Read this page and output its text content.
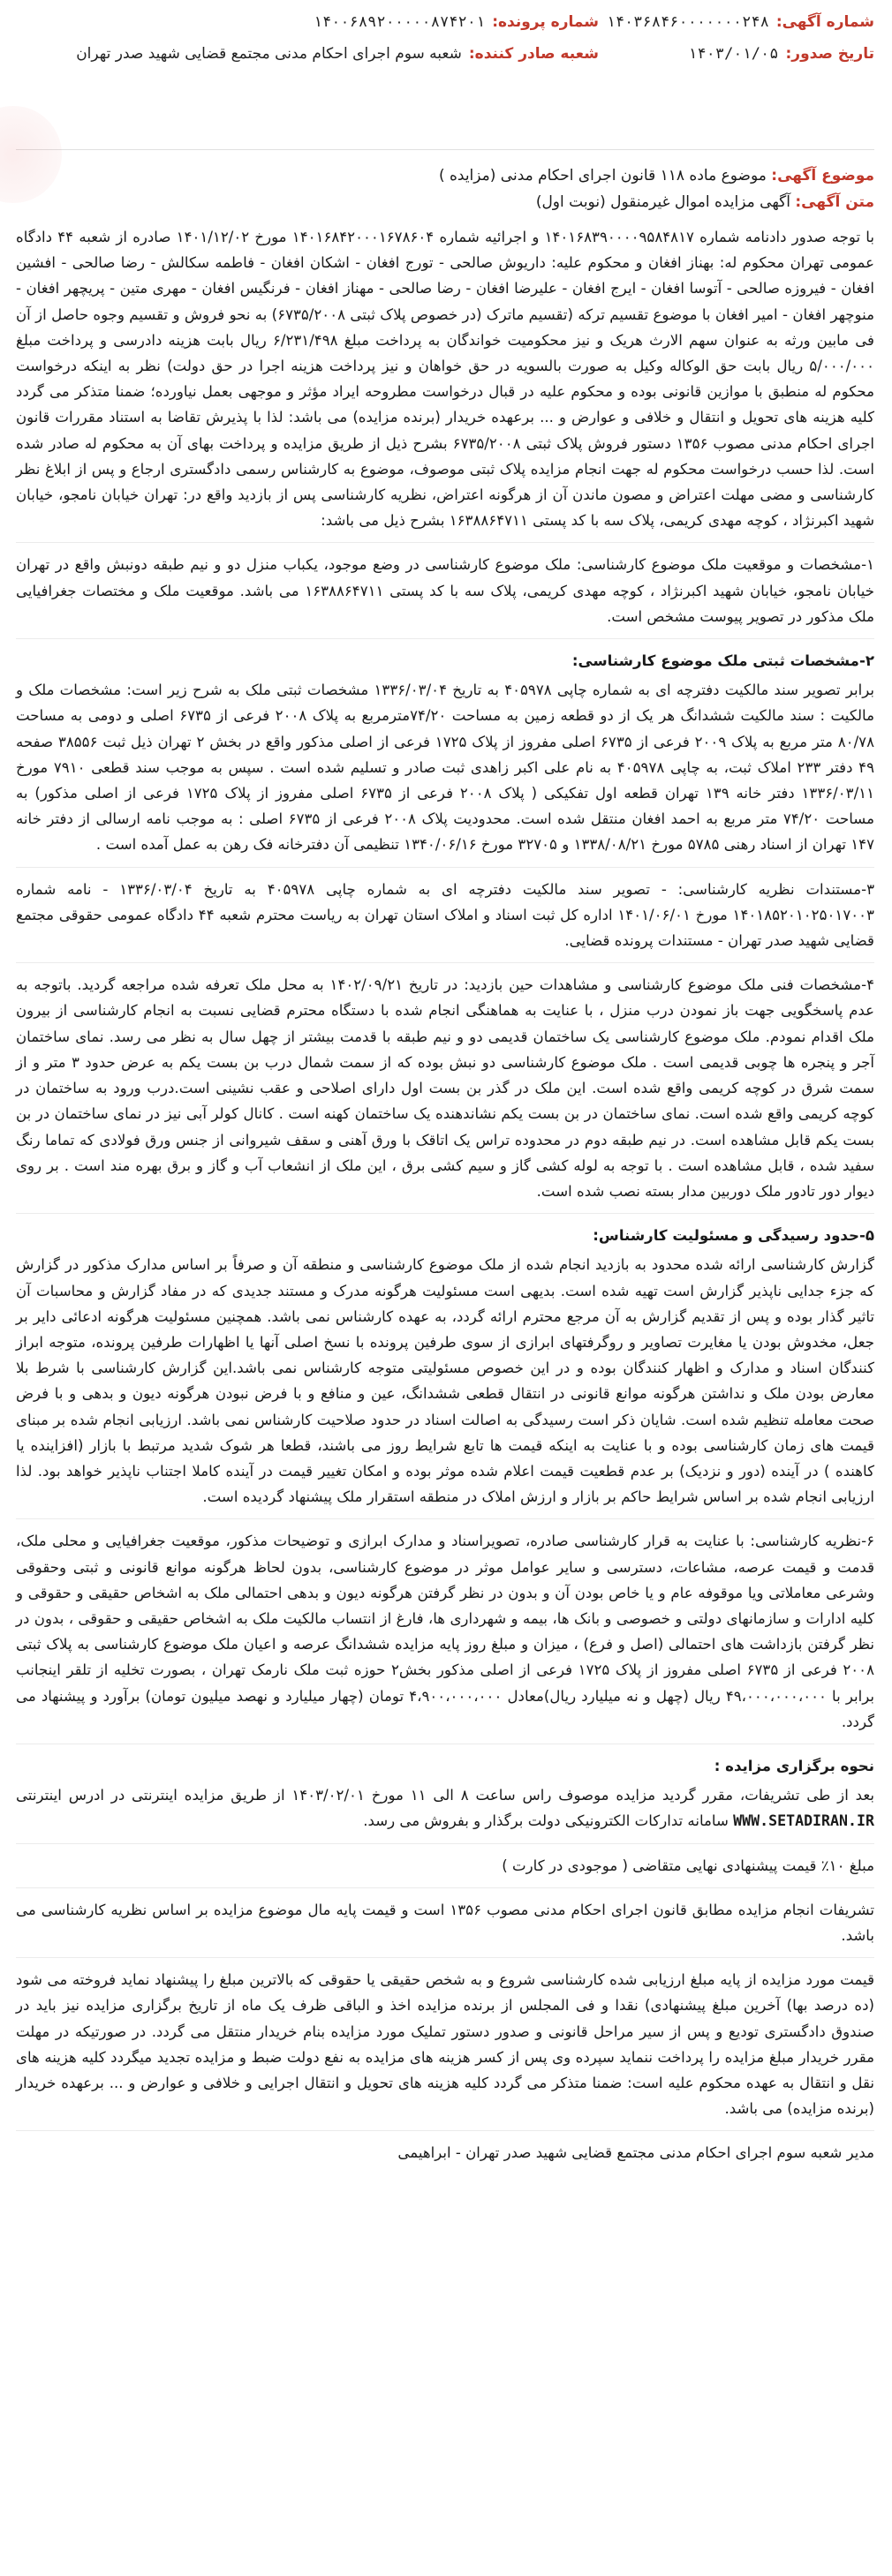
شماره آگهی:
۱۴۰۳۶۸۴۶۰۰۰۰۰۰۰۲۴۸
تاریخ صدور:
۱۴۰۳/۰۱/۰۵
شماره پرونده:
۱۴۰۰۶۸۹۲۰۰۰۰۰۸۷۴۲۰۱
شعبه صادر کننده:
شعبه سوم اجرای احکام مدنی مجتمع قضایی شهید صدر تهران
موضوع آگهی: موضوع ماده ۱۱۸ قانون اجرای احکام مدنی (مزایده )
متن آگهی: آگهی مزایده اموال غیرمنقول (نوبت اول)

با توجه صدور دادنامه شماره ۱۴۰۱۶۸۳۹۰۰۰۰۹۵۸۴۸۱۷ و اجرائیه شماره ۱۴۰۱۶۸۴۲۰۰۰۱۶۷۸۶۰۴ مورخ ۱۴۰۱/۱۲/۰۲ صادره از شعبه ۴۴ دادگاه عمومی تهران محکوم له: بهناز افغان و محکوم علیه: داریوش صالحی - تورج افغان - اشکان افغان - فاطمه سکالش - رضا صالحی - افشین افغان - فیروزه صالحی - آتوسا افغان - ایرج افغان - علیرضا افغان - رضا صالحی - مهناز افغان - فرنگیس افغان - مهری متین - پریچهر افغان - منوچهر افغان - امیر افغان با موضوع تقسیم ترکه (تقسیم ماترک (در خصوص پلاک ثبتی ۶۷۳۵/۲۰۰۸) به نحو فروش و تقسیم وجوه حاصل از آن فی مابین ورثه به عنوان سهم الارث هریک و نیز محکومیت خواندگان به پرداخت مبلغ ۶/۲۳۱/۴۹۸ ریال بابت هزینه دادرسی و پرداخت مبلغ ۵/۰۰۰/۰۰۰ ریال بابت حق الوکاله وکیل به صورت بالسویه در حق خواهان و نیز پرداخت هزینه اجرا در حق دولت) نظر به اینکه درخواست محکوم له منطبق با موازین قانونی بوده و محکوم علیه در قبال درخواست مطروحه ایراد مؤثر و موجهی بعمل نیاورده؛ ضمنا متذکر می گردد کلیه هزینه های تحویل و انتقال و خلافی و عوارض و ... برعهده خریدار (برنده مزایده) می باشد: لذا با پذیرش تقاضا به استناد مقررات قانون اجرای احکام مدنی مصوب ۱۳۵۶ دستور فروش پلاک ثبتی ۶۷۳۵/۲۰۰۸ بشرح ذیل از طریق مزایده و پرداخت بهای آن به محکوم له صادر شده است. لذا حسب درخواست محکوم له جهت انجام مزایده پلاک ثبتی موصوف، موضوع به کارشناس رسمی دادگستری ارجاع و پس از ابلاغ نظر کارشناسی و مضی مهلت اعتراض و مصون ماندن آن از هرگونه اعتراض، نظریه کارشناسی پس از بازدید واقع در: تهران خیابان نامجو، خیابان شهید اکبرنژاد ، کوچه مهدی کریمی، پلاک سه با کد پستی ۱۶۳۸۸۶۴۷۱۱ بشرح ذیل می باشد:

۱-مشخصات و موقعیت ملک موضوع کارشناسی: ملک موضوع کارشناسی در وضع موجود، یکباب منزل دو و نیم طبقه دونبش واقع در تهران خیابان نامجو، خیابان شهید اکبرنژاد ، کوچه مهدی کریمی، پلاک سه با کد پستی ۱۶۳۸۸۶۴۷۱۱ می باشد. موقعیت ملک و مختصات جغرافیایی ملک مذکور در تصویر پیوست مشخص است.

۲-مشخصات ثبتی ملک موضوع کارشناسی:

برابر تصویر سند مالکیت دفترچه ای به شماره چاپی ۴۰۵۹۷۸ به تاریخ ۱۳۳۶/۰۳/۰۴ مشخصات ثبتی ملک به شرح زیر است: مشخصات ملک و مالکیت : سند مالکیت ششدانگ هر یک از دو قطعه زمین به مساحت ۷۴/۲۰مترمربع به پلاک ۲۰۰۸ فرعی از ۶۷۳۵ اصلی و دومی به مساحت ۸۰/۷۸ متر مربع به پلاک ۲۰۰۹ فرعی از ۶۷۳۵ اصلی مفروز از پلاک ۱۷۲۵ فرعی از اصلی مذکور واقع در بخش ۲ تهران ذیل ثبت ۳۸۵۵۶ صفحه ۴۹ دفتر ۲۳۳ املاک ثبت، به چاپی ۴۰۵۹۷۸ به نام علی اکبر زاهدی ثبت صادر و تسلیم شده است . سپس به موجب سند قطعی ۷۹۱۰ مورخ ۱۳۳۶/۰۳/۱۱ دفتر خانه ۱۳۹ تهران قطعه اول تفکیکی ( پلاک ۲۰۰۸ فرعی از ۶۷۳۵ اصلی مفروز از پلاک ۱۷۲۵ فرعی از اصلی مذکور) به مساحت ۷۴/۲۰ متر مربع به احمد افغان منتقل شده است. محدودیت پلاک ۲۰۰۸ فرعی از ۶۷۳۵ اصلی : به موجب نامه ارسالی از دفتر خانه ۱۴۷ تهران از اسناد رهنی ۵۷۸۵ مورخ ۱۳۳۸/۰۸/۲۱ و ۳۲۷۰۵ مورخ ۱۳۴۰/۰۶/۱۶ تنظیمی آن دفترخانه فک رهن به عمل آمده است .

۳-مستندات نظریه کارشناسی: - تصویر سند مالکیت دفترچه ای به شماره چاپی ۴۰۵۹۷۸ به تاریخ ۱۳۳۶/۰۳/۰۴ - نامه شماره ۱۴۰۱۸۵۲۰۱۰۲۵۰۱۷۰۰۳ مورخ ۱۴۰۱/۰۶/۰۱ اداره کل ثبت اسناد و املاک استان تهران به ریاست محترم شعبه ۴۴ دادگاه عمومی حقوقی مجتمع قضایی شهید صدر تهران - مستندات پرونده قضایی.

۴-مشخصات فنی ملک موضوع کارشناسی و مشاهدات حین بازدید: در تاریخ ۱۴۰۲/۰۹/۲۱ به محل ملک تعرفه شده مراجعه گردید. باتوجه به عدم پاسخگویی جهت باز نمودن درب منزل ، با عنایت به هماهنگی انجام شده با دستگاه محترم قضایی نسبت به انجام کارشناسی از بیرون ملک اقدام نمودم. ملک موضوع کارشناسی یک ساختمان قدیمی دو و نیم طبقه با قدمت بیشتر از چهل سال به نظر می رسد. نمای ساختمان آجر و پنجره ها چوبی قدیمی است . ملک موضوع کارشناسی دو نبش بوده که از سمت شمال درب بن بست یکم به عرض حدود ۳ متر و از سمت شرق در کوچه کریمی واقع شده است. این ملک در گذر بن بست اول دارای اصلاحی و عقب نشینی است.درب ورود به ساختمان در کوچه کریمی واقع شده است. نمای ساختمان در بن بست یکم نشاندهنده یک ساختمان کهنه است . کانال کولر آبی نیز در نمای ساختمان در بن بست یکم قابل مشاهده است. در نیم طبقه دوم در محدوده تراس یک اتاقک با ورق آهنی و سقف شیروانی از جنس ورق فولادی که تماما رنگ سفید شده ، قابل مشاهده است . با توجه به لوله کشی گاز و سیم کشی برق ، این ملک از انشعاب آب و گاز و برق بهره مند است . بر روی دیوار دور تادور ملک دوربین مدار بسته نصب شده است.

۵-حدود رسیدگی و مسئولیت کارشناس:

گزارش کارشناسی ارائه شده محدود به بازدید انجام شده از ملک موضوع کارشناسی و منطقه آن و صرفاً بر اساس مدارک مذکور در گزارش که جزء جدایی ناپذیر گزارش است تهیه شده است. بدیهی است مسئولیت هرگونه مدرک و مستند جدیدی که در مفاد گزارش و محاسبات آن تاثیر گذار بوده و پس از تقدیم گزارش به آن مرجع محترم ارائه گردد، به عهده کارشناس نمی باشد. همچنین مسئولیت هرگونه ادعائی دایر بر جعل، مخدوش بودن یا مغایرت تصاویر و روگرفتهای ابرازی از سوی طرفین پرونده با نسخ اصلی آنها یا اظهارات طرفین پرونده، متوجه ابراز کنندگان اسناد و مدارک و اظهار کنندگان بوده و در این خصوص مسئولیتی متوجه کارشناس نمی باشد.این گزارش کارشناسی با شرط بلا معارض بودن ملک و نداشتن هرگونه موانع قانونی در انتقال قطعی ششدانگ، عین و منافع و با فرض نبودن هرگونه دیون و بدهی و با فرض صحت معامله تنظیم شده است. شایان ذکر است رسیدگی به اصالت اسناد در حدود صلاحیت کارشناس نمی باشد. ارزیابی انجام شده بر مبنای قیمت های زمان کارشناسی بوده و با عنایت به اینکه قیمت ها تابع شرایط روز می باشند، قطعا هر شوک شدید مرتبط با بازار (افزاینده یا کاهنده ) در آینده (دور و نزدیک) بر عدم قطعیت قیمت اعلام شده موثر بوده و امکان تغییر قیمت در آینده کاملا اجتناب ناپذیر خواهد بود. لذا ارزیابی انجام شده بر اساس شرایط حاکم بر بازار و ارزش املاک در منطقه استقرار ملک پیشنهاد گردیده است.

۶-نظریه کارشناسی: با عنایت به قرار کارشناسی صادره، تصویراسناد و مدارک ابرازی و توضیحات مذکور، موقعیت جغرافیایی و محلی ملک، قدمت و قیمت عرصه، مشاعات، دسترسی و سایر عوامل موثر در موضوع کارشناسی، بدون لحاظ هرگونه موانع قانونی و ثبتی وحقوقی وشرعی معاملاتی ویا موقوفه عام و یا خاص بودن آن و بدون در نظر گرفتن هرگونه دیون و بدهی احتمالی ملک به اشخاص حقیقی و حقوقی و کلیه ادارات و سازمانهای دولتی و خصوصی و بانک ها، بیمه و شهرداری ها، فارغ از انتساب مالکیت ملک به اشخاص حقیقی و حقوقی ، بدون در نظر گرفتن بازداشت های احتمالی (اصل و فرع) ، میزان و مبلغ روز پایه مزایده ششدانگ عرصه و اعیان ملک موضوع کارشناسی به پلاک ثبتی ۲۰۰۸ فرعی از ۶۷۳۵ اصلی مفروز از پلاک ۱۷۲۵ فرعی از اصلی مذکور بخش۲ حوزه ثبت ملک نارمک تهران ، بصورت تخلیه از تلقر اینجانب برابر با ۴۹،۰۰۰،۰۰۰،۰۰۰ ریال (چهل و نه میلیارد ریال)معادل ۴،۹۰۰،۰۰۰،۰۰۰ تومان (چهار میلیارد و نهصد میلیون تومان) برآورد و پیشنهاد می گردد.

نحوه برگزاری مزایده :

بعد از طی تشریفات، مقرر گردید مزایده موصوف راس ساعت ۸ الی ۱۱ مورخ ۱۴۰۳/۰۲/۰۱ از طریق مزایده اینترنتی در ادرس اینترنتی WWW.SETADIRAN.IR سامانه تدارکات الکترونیکی دولت برگذار و بفروش می رسد.

مبلغ ۱۰٪ قیمت پیشنهادی نهایی متقاضی ( موجودی در کارت )

تشریفات انجام مزایده مطابق قانون اجرای احکام مدنی مصوب ۱۳۵۶ است و قیمت پایه مال موضوع مزایده بر اساس نظریه کارشناسی می باشد.

قیمت مورد مزایده از پایه مبلغ ارزیابی شده کارشناسی شروع و به شخص حقیقی یا حقوقی که بالاترین مبلغ را پیشنهاد نماید فروخته می شود (ده درصد بها) آخرین مبلغ پیشنهادی) نقدا و فی المجلس از برنده مزایده اخذ و الباقی ظرف یک ماه از تاریخ برگزاری مزایده نیز باید در صندوق دادگستری تودیع و پس از سیر مراحل قانونی و صدور دستور تملیک مورد مزایده بنام خریدار منتقل می گردد. در صورتیکه در مهلت مقرر خریدار مبلغ مزایده را پرداخت ننماید سپرده وی پس از کسر هزینه های مزایده به نفع دولت ضبط و مزایده تجدید میگردد کلیه هزینه های نقل و انتقال به عهده محکوم علیه است: ضمنا متذکر می گردد کلیه هزینه های تحویل و انتقال اجرایی و خلافی و عوارض و ... برعهده خریدار (برنده مزایده) می باشد.

مدیر شعبه سوم اجرای احکام مدنی مجتمع قضایی شهید صدر تهران - ابراهیمی
